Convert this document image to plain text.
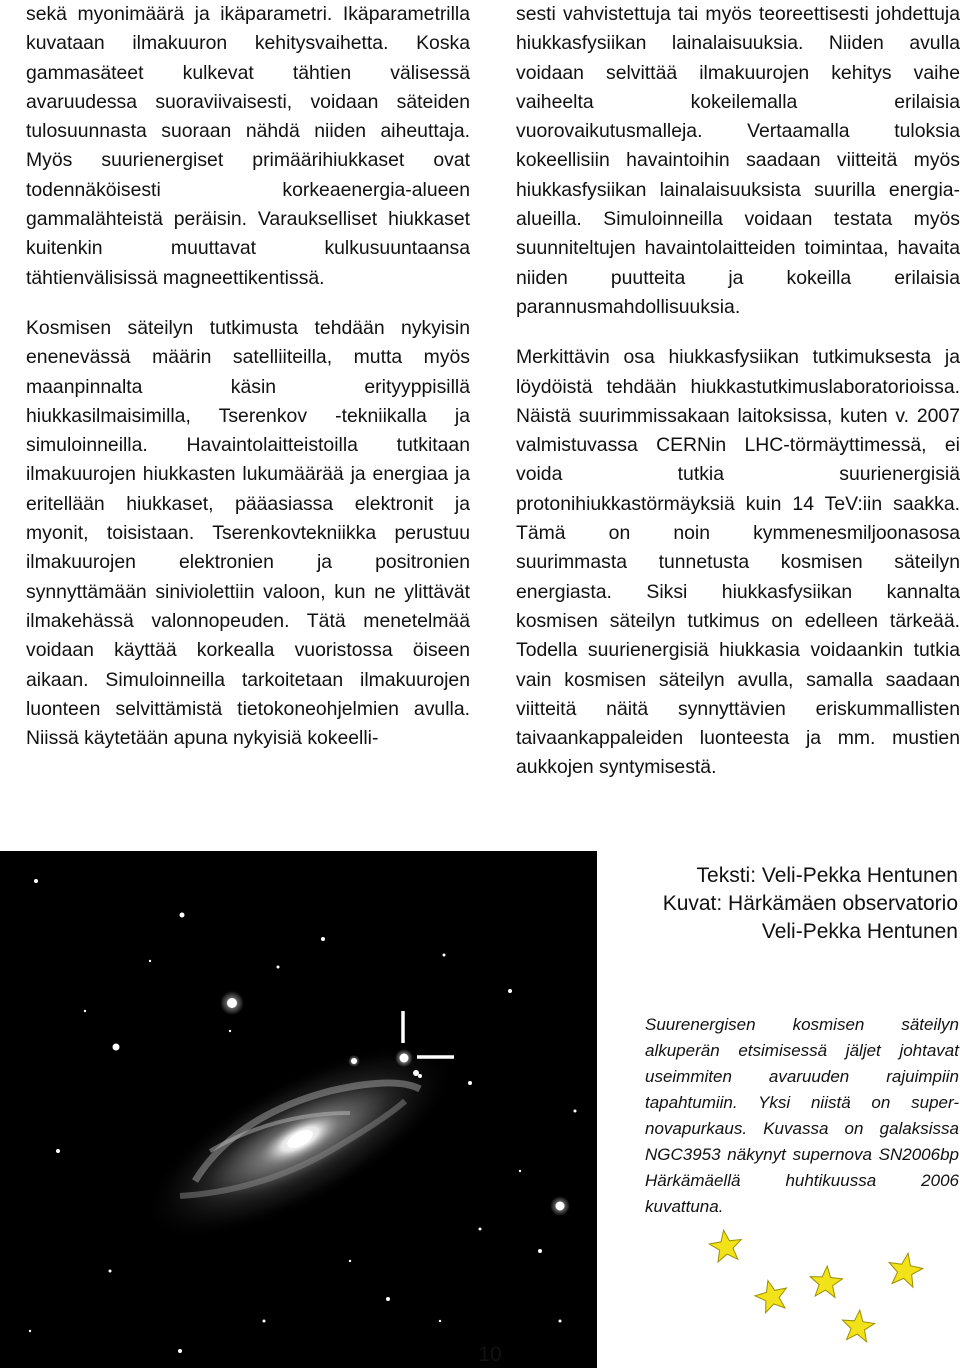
sekä myonimäärä ja ikäparametri. Ikäparametrilla kuvataan ilmakuuron kehitysvaihetta. Koska gammasäteet kulkevat tähtien välisessä avaruudessa suoraviivaisesti, voidaan säteiden tulosuunnasta suoraan nähdä niiden aiheuttaja. Myös suurienergiset primäärihiukkaset ovat todennäköisesti korkeaenergia-alueen gammalähteistä peräisin. Varaukselliset hiukkaset kuitenkin muuttavat kulkusuuntaansa tähtienvälisissä magneettikentissä.

Kosmisen säteilyn tutkimusta tehdään nykyisin enenevässä määrin satelliiteilla, mutta myös maanpinnalta käsin erityyppisillä hiukkasilmaisimilla, Tserenkov -tekniikalla ja simuloinneilla. Havaintolaitteistoilla tutkitaan ilmakuurojen hiukkasten lukumäärää ja energiaa ja eritellään hiukkaset, pääasiassa elektronit ja myonit, toisistaan. Tserenkovtekniikka perustuu ilmakuurojen elektronien ja positronien synnyttämään siniviolettiin valoon, kun ne ylittävät ilmakehässä valonnopeuden. Tätä menetelmää voidaan käyttää korkealla vuoristossa öiseen aikaan. Simuloinneilla tarkoitetaan ilmakuurojen luonteen selvittämistä tietokoneohjelmien avulla. Niissä käytetään apuna nykyisiä kokeelli-

sesti vahvistettuja tai myös teoreettisesti johdettuja hiukkasfysiikan lainalaisuuksia. Niiden avulla voidaan selvittää ilmakuurojen kehitys vaihe vaiheelta kokeilemalla erilaisia vuorovaikutusmalleja. Vertaamalla tuloksia kokeellisiin havaintoihin saadaan viitteitä myös hiukkasfysiikan lainalaisuuksista suurilla energia-alueilla. Simuloinneilla voidaan testata myös suunniteltujen havaintolaitteiden toimintaa, havaita niiden puutteita ja kokeilla erilaisia parannusmahdollisuuksia.

Merkittävin osa hiukkasfysiikan tutkimuksesta ja löydöistä tehdään hiukkastutkimuslaboratorioissa. Näistä suurimmissakaan laitoksissa, kuten v. 2007 valmistuvassa CERNin LHC-törmäyttimessä, ei voida tutkia suurienergisiä protonihiukkastörmäyksiä kuin 14 TeV:iin saakka. Tämä on noin kymmenesmiljoonasosa suurimmasta tunnetusta kosmisen säteilyn energiasta. Siksi hiukkasfysiikan kannalta kosmisen säteilyn tutkimus on edelleen tärkeää. Todella suurienergisiä hiukkasia voidaankin tutkia vain kosmisen säteilyn avulla, samalla saadaan viitteitä näitä synnyttävien eriskummallisten taivaankappaleiden luonteesta ja mm. mustien aukkojen syntymisestä.

Teksti: Veli-Pekka Hentunen
Kuvat: Härkämäen observatorio
Veli-Pekka Hentunen
Suurenergisen kosmisen säteilyn alkuperän etsimisessä jäljet johtavat useimmiten avaruuden rajuimpiin tapahtumiin. Yksi niistä on super-novapurkaus. Kuvassa on galaksissa NGC3953 näkynyt supernova SN2006bp Härkämäellä huhtikuussa 2006 kuvattuna.
10
